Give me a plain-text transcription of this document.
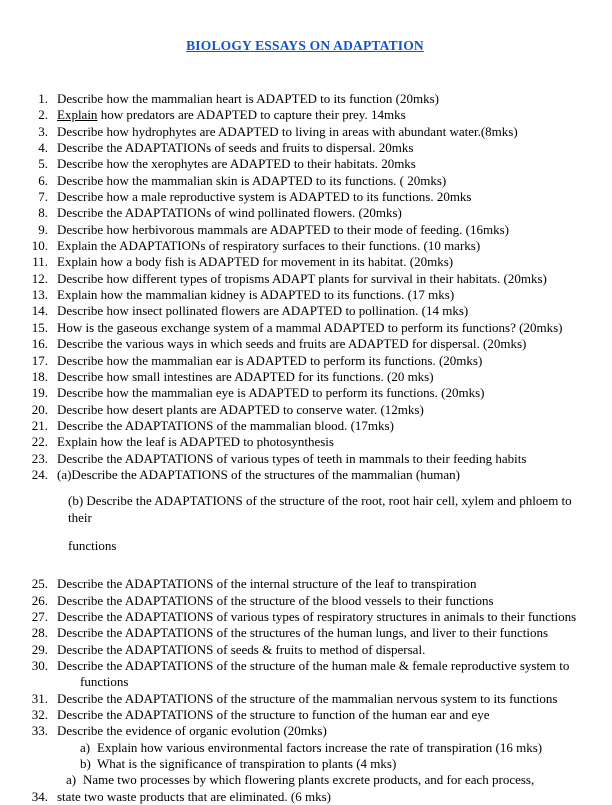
BIOLOGY ESSAYS ON ADAPTATION
1. Describe how the mammalian heart is ADAPTED to its function (20mks)
2. Explain how predators are ADAPTED to capture their prey. 14mks
3. Describe how hydrophytes are ADAPTED to living in areas with abundant water.(8mks)
4. Describe the ADAPTATIONs of seeds and fruits to dispersal. 20mks
5. Describe how the xerophytes are ADAPTED to their habitats. 20mks
6. Describe how the mammalian skin is ADAPTED to its functions. ( 20mks)
7. Describe how a male reproductive system is ADAPTED to its functions. 20mks
8. Describe the ADAPTATIONs of wind pollinated flowers. (20mks)
9. Describe how herbivorous mammals are ADAPTED to their mode of feeding. (16mks)
10. Explain the ADAPTATIONs of respiratory surfaces to their functions. (10 marks)
11. Explain how a body fish is ADAPTED for movement in its habitat. (20mks)
12. Describe how different types of tropisms ADAPT plants for survival in their habitats. (20mks)
13. Explain how the mammalian kidney is ADAPTED to its functions. (17 mks)
14. Describe how insect pollinated flowers are ADAPTED to pollination. (14 mks)
15. How is the gaseous exchange system of a mammal ADAPTED to perform its functions? (20mks)
16. Describe the various ways in which seeds and fruits are ADAPTED for dispersal. (20mks)
17. Describe how the mammalian ear is ADAPTED to perform its functions. (20mks)
18. Describe how small intestines are ADAPTED for its functions. (20 mks)
19. Describe how the mammalian eye is ADAPTED to perform its functions. (20mks)
20. Describe how desert plants are ADAPTED to conserve water. (12mks)
21. Describe the ADAPTATIONS of the mammalian blood. (17mks)
22. Explain how the leaf is ADAPTED to photosynthesis
23. Describe the ADAPTATIONS of various types of teeth in mammals to their feeding habits
24. (a)Describe the ADAPTATIONS of the structures of the mammalian (human)
(b) Describe the ADAPTATIONS of the structure of the root, root hair cell, xylem and phloem to their
functions
25. Describe the ADAPTATIONS of the internal structure of the leaf to transpiration
26. Describe the ADAPTATIONS of the structure of the blood vessels to their functions
27. Describe the ADAPTATIONS of various types of respiratory structures in animals to their functions
28. Describe the ADAPTATIONS of the structures of the human lungs, and liver to their functions
29. Describe the ADAPTATIONS of seeds & fruits to method of dispersal.
30. Describe the ADAPTATIONS of the structure of the human male & female reproductive system to
functions
31. Describe the ADAPTATIONS of the structure of the mammalian nervous system to its functions
32. Describe the ADAPTATIONS of the structure to function of the human ear and eye
33. Describe the evidence of organic evolution (20mks)
a) Explain how various environmental factors increase the rate of transpiration (16 mks)
b) What is the significance of transpiration to plants (4 mks)
a) Name two processes by which flowering plants excrete products, and for each process,
34. state two waste products that are eliminated. (6 mks)
